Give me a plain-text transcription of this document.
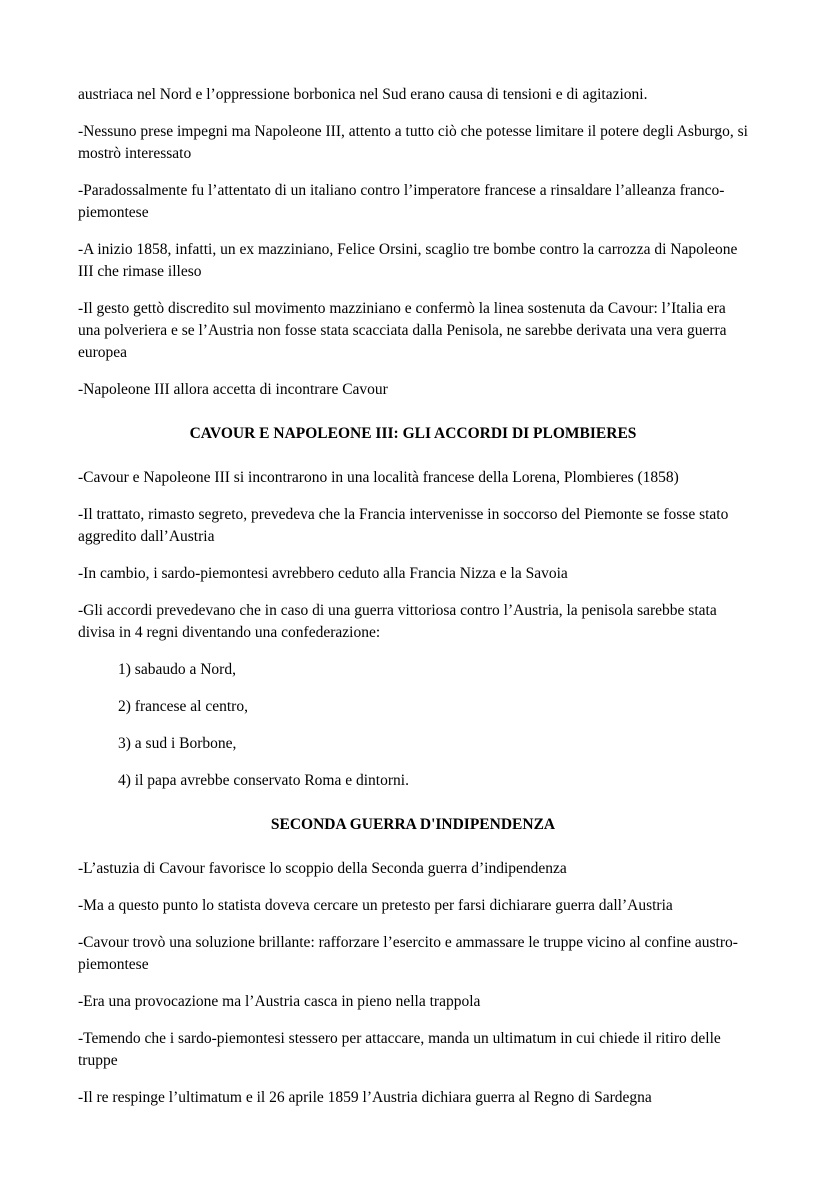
austriaca nel Nord e l’oppressione borbonica nel Sud erano causa di tensioni e di agitazioni.

-Nessuno prese impegni ma Napoleone III, attento a tutto ciò che potesse limitare il potere degli Asburgo, si mostrò interessato

-Paradossalmente fu l’attentato di un italiano contro l’imperatore francese a rinsaldare l’alleanza franco-piemontese

-A inizio 1858, infatti, un ex mazziniano, Felice Orsini, scaglio tre bombe contro la carrozza di Napoleone III che rimase illeso

-Il gesto gettò discredito sul movimento mazziniano e confermò la linea sostenuta da Cavour: l’Italia era una polveriera e se l’Austria non fosse stata scacciata dalla Penisola, ne sarebbe derivata una vera guerra europea

-Napoleone III allora accetta di incontrare Cavour

CAVOUR E NAPOLEONE III: GLI ACCORDI DI PLOMBIERES

-Cavour e Napoleone III si incontrarono in una località francese della Lorena, Plombieres (1858)

-Il trattato, rimasto segreto, prevedeva che la Francia intervenisse in soccorso del Piemonte se fosse stato aggredito dall’Austria

-In cambio, i sardo-piemontesi avrebbero ceduto alla Francia Nizza e la Savoia

-Gli accordi prevedevano che in caso di una guerra vittoriosa contro l’Austria, la penisola sarebbe stata divisa in 4 regni diventando una confederazione:

1) sabaudo a Nord,

2) francese al centro,

3) a sud i Borbone,

4) il papa avrebbe conservato Roma e dintorni.

SECONDA GUERRA D'INDIPENDENZA

-L’astuzia di Cavour favorisce lo scoppio della Seconda guerra d’indipendenza

-Ma a questo punto lo statista doveva cercare un pretesto per farsi dichiarare guerra dall’Austria

-Cavour trovò una soluzione brillante: rafforzare l’esercito e ammassare le truppe vicino al confine austro-piemontese

-Era una provocazione ma l’Austria casca in pieno nella trappola

-Temendo che i sardo-piemontesi stessero per attaccare, manda un ultimatum in cui chiede il ritiro delle truppe

-Il re respinge l’ultimatum e il 26 aprile 1859 l’Austria dichiara guerra al Regno di Sardegna
